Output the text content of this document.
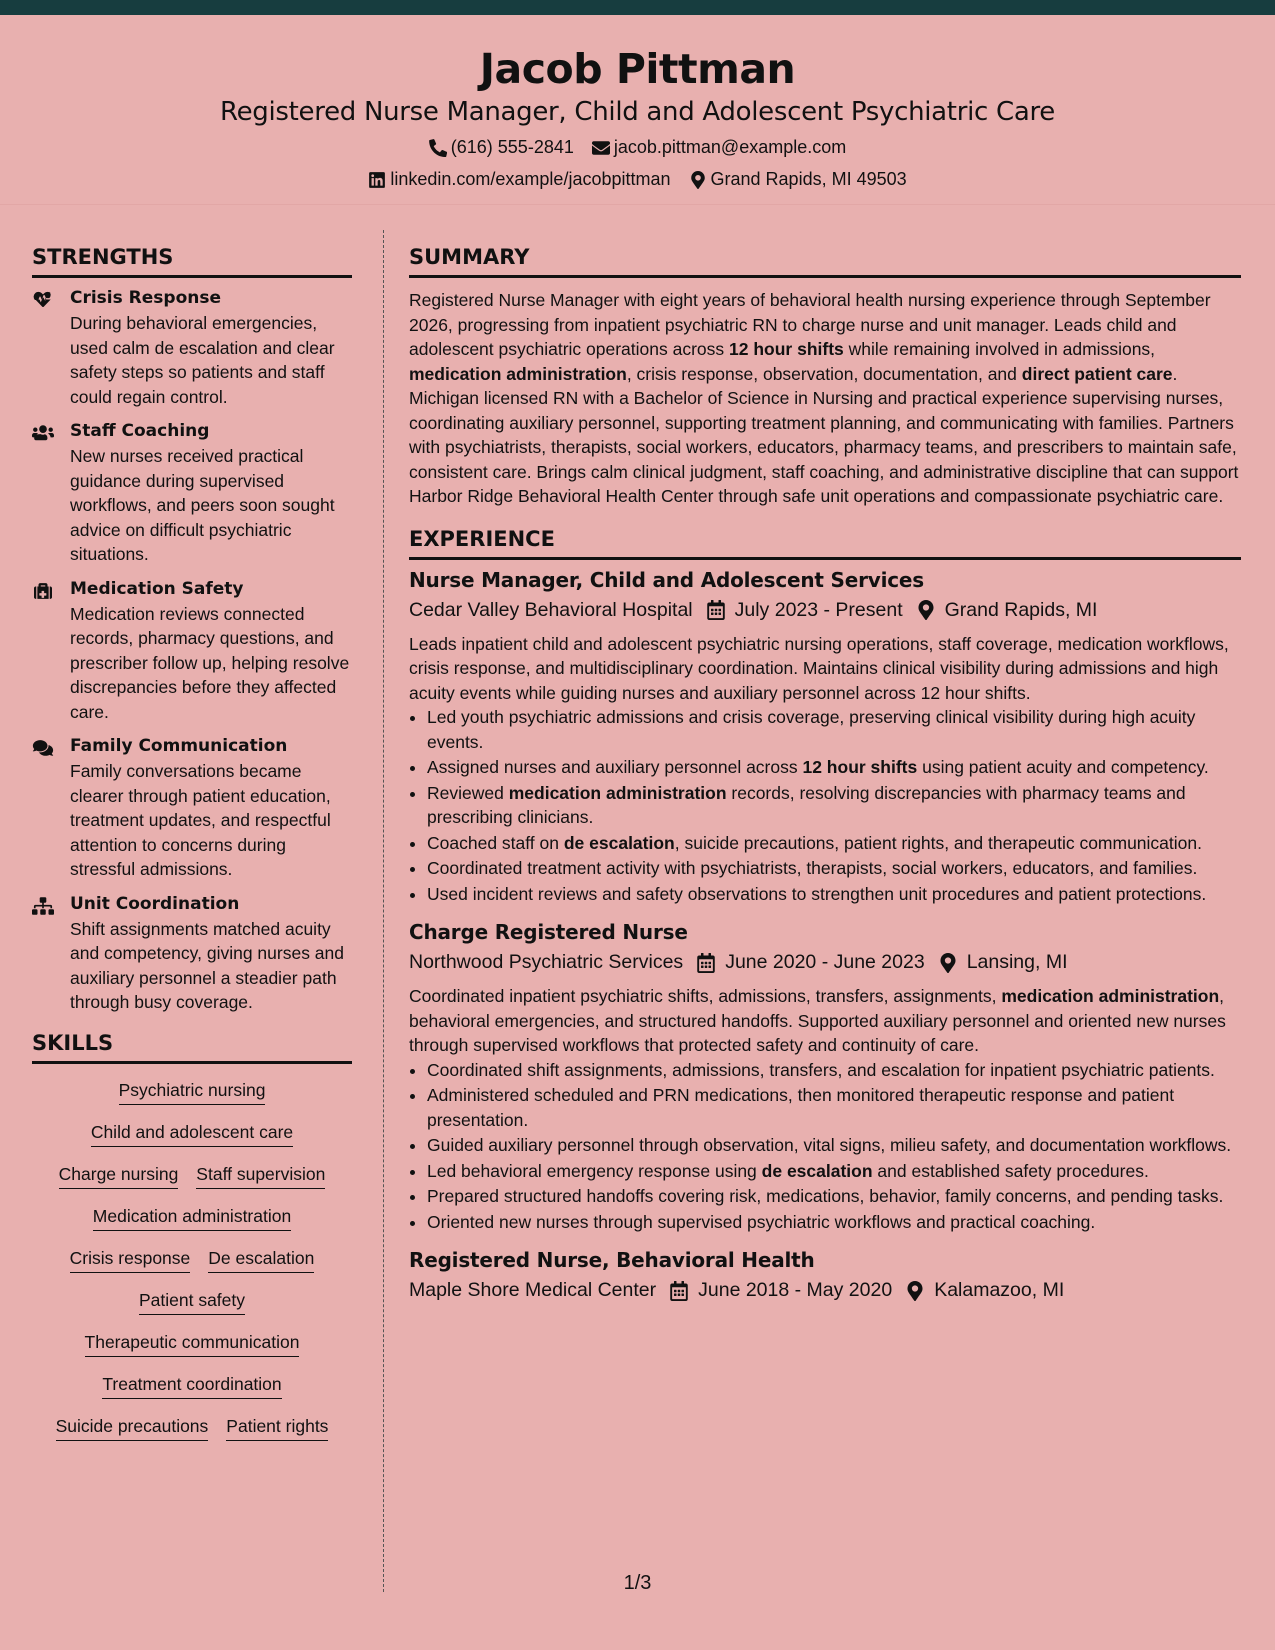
Jacob Pittman
Registered Nurse Manager, Child and Adolescent Psychiatric Care
(616) 555-2841 jacob.pittman@example.com
linkedin.com/example/jacobpittman Grand Rapids, MI 49503
STRENGTHS
Crisis Response
During behavioral emergencies, used calm de escalation and clear safety steps so patients and staff could regain control.
Staff Coaching
New nurses received practical guidance during supervised workflows, and peers soon sought advice on difficult psychiatric situations.
Medication Safety
Medication reviews connected records, pharmacy questions, and prescriber follow up, helping resolve discrepancies before they affected care.
Family Communication
Family conversations became clearer through patient education, treatment updates, and respectful attention to concerns during stressful admissions.
Unit Coordination
Shift assignments matched acuity and competency, giving nurses and auxiliary personnel a steadier path through busy coverage.
SKILLS
Psychiatric nursing
Child and adolescent care
Charge nursing Staff supervision
Medication administration
Crisis response De escalation
Patient safety
Therapeutic communication
Treatment coordination
Suicide precautions Patient rights
SUMMARY
Registered Nurse Manager with eight years of behavioral health nursing experience through September 2026, progressing from inpatient psychiatric RN to charge nurse and unit manager. Leads child and adolescent psychiatric operations across 12 hour shifts while remaining involved in admissions, medication administration, crisis response, observation, documentation, and direct patient care. Michigan licensed RN with a Bachelor of Science in Nursing and practical experience supervising nurses, coordinating auxiliary personnel, supporting treatment planning, and communicating with families. Partners with psychiatrists, therapists, social workers, educators, pharmacy teams, and prescribers to maintain safe, consistent care. Brings calm clinical judgment, staff coaching, and administrative discipline that can support Harbor Ridge Behavioral Health Center through safe unit operations and compassionate psychiatric care.
EXPERIENCE
Nurse Manager, Child and Adolescent Services
Cedar Valley Behavioral Hospital July 2023 - Present Grand Rapids, MI
Leads inpatient child and adolescent psychiatric nursing operations, staff coverage, medication workflows, crisis response, and multidisciplinary coordination. Maintains clinical visibility during admissions and high acuity events while guiding nurses and auxiliary personnel across 12 hour shifts.
• Led youth psychiatric admissions and crisis coverage, preserving clinical visibility during high acuity events.
• Assigned nurses and auxiliary personnel across 12 hour shifts using patient acuity and competency.
• Reviewed medication administration records, resolving discrepancies with pharmacy teams and prescribing clinicians.
• Coached staff on de escalation, suicide precautions, patient rights, and therapeutic communication.
• Coordinated treatment activity with psychiatrists, therapists, social workers, educators, and families.
• Used incident reviews and safety observations to strengthen unit procedures and patient protections.
Charge Registered Nurse
Northwood Psychiatric Services June 2020 - June 2023 Lansing, MI
Coordinated inpatient psychiatric shifts, admissions, transfers, assignments, medication administration, behavioral emergencies, and structured handoffs. Supported auxiliary personnel and oriented new nurses through supervised workflows that protected safety and continuity of care.
• Coordinated shift assignments, admissions, transfers, and escalation for inpatient psychiatric patients.
• Administered scheduled and PRN medications, then monitored therapeutic response and patient presentation.
• Guided auxiliary personnel through observation, vital signs, milieu safety, and documentation workflows.
• Led behavioral emergency response using de escalation and established safety procedures.
• Prepared structured handoffs covering risk, medications, behavior, family concerns, and pending tasks.
• Oriented new nurses through supervised psychiatric workflows and practical coaching.
Registered Nurse, Behavioral Health
Maple Shore Medical Center June 2018 - May 2020 Kalamazoo, MI
1/3
